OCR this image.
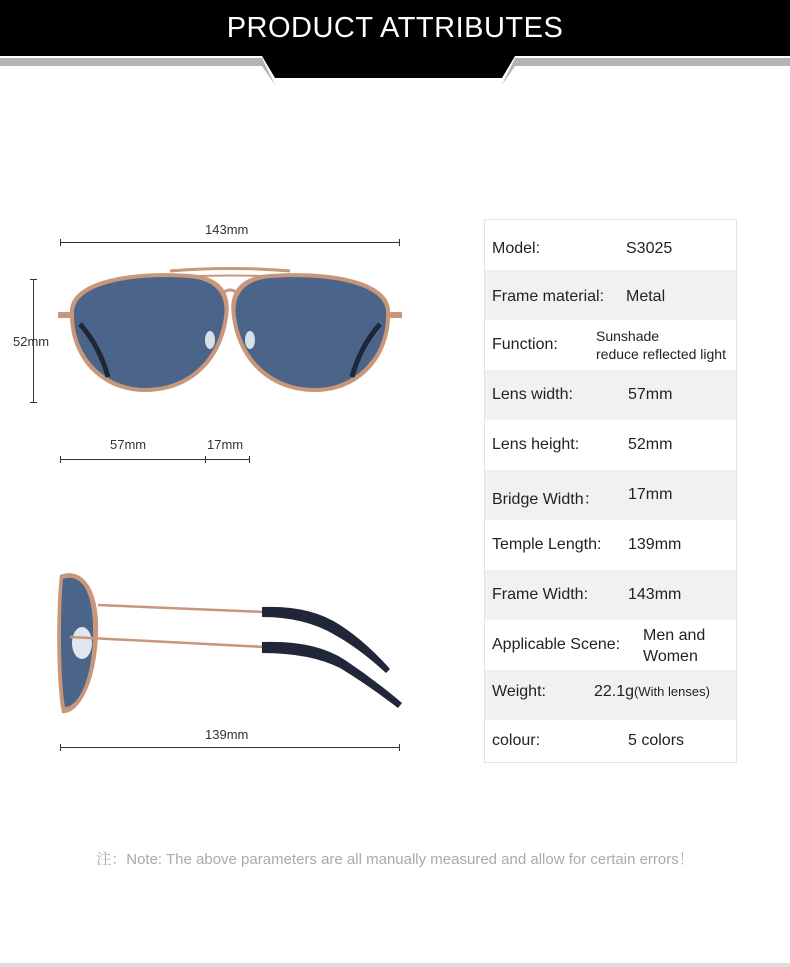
PRODUCT ATTRIBUTES
143mm
52mm
57mm	17mm
139mm
Model:	S3025
Frame material: Metal
Function:	Sunshade
reduce reflected light
Lens width:	57mm
Lens height:	52mm
Bridge Width： 17mm
Temple Length: 139mm
Frame Width: 143mm
Applicable Scene:
Men and
Women
Weight:	22.1g(With lenses)
colour:	5 colors
注：Note: The above parameters are all manually measured and allow for certain errors！
